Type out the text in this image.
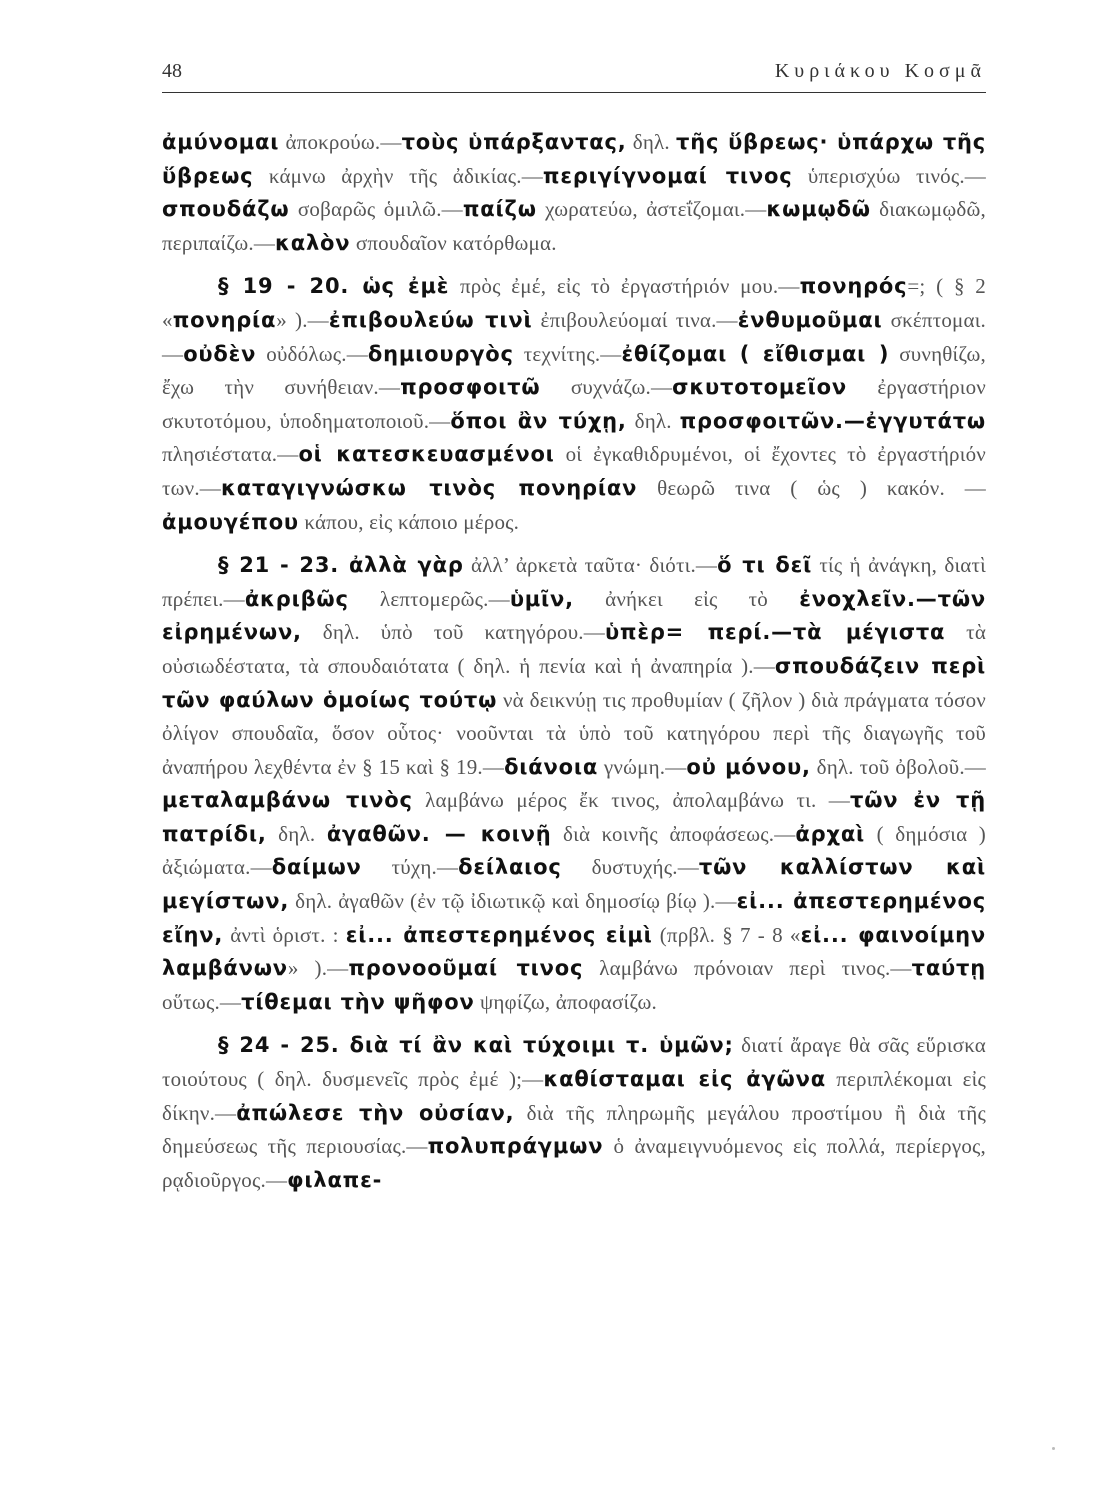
48	Κυριάκου Κοσμᾶ

ἀμύνομαι ἀποκρούω.—τοὺς ὑπάρξαντας, δηλ. τῆς ὕβρεως· ὑπάρχω τῆς ὕβρεως κάμνω ἀρχὴν τῆς ἀδικίας.—περιγίγνομαί τινος ὑπερισχύω τινός.—σπουδάζω σοβαρῶς ὁμιλῶ.—παίζω χωρατεύω, ἀστεΐζομαι.—κωμῳδῶ διακωμῳδῶ, περιπαίζω.—καλὸν σπουδαῖον κατόρθωμα.

§ 19 - 20. ὡς ἐμὲ πρὸς ἐμέ, εἰς τὸ ἐργαστήριόν μου.—πονηρός=; ( § 2 «πονηρία» ).—ἐπιβουλεύω τινὶ ἐπιβουλεύομαί τινα.—ἐνθυμοῦμαι σκέπτομαι.—οὐδὲν οὐδόλως.—δημιουργὸς τεχνίτης.—ἐθίζομαι ( εἴθισμαι ) συνηθίζω, ἔχω τὴν συνήθειαν.—προσφοιτῶ συχνάζω.—σκυτοτομεῖον ἐργαστήριον σκυτοτόμου, ὑποδηματοποιοῦ.—ὅποι ἂν τύχῃ, δηλ. προσφοιτῶν.—ἐγγυτάτω πλησιέστατα.—οἱ κατεσκευασμένοι οἱ ἐγκαθιδρυμένοι, οἱ ἔχοντες τὸ ἐργαστήριόν των.—καταγιγνώσκω τινὸς πονηρίαν θεωρῶ τινα ( ὡς ) κακόν. —ἀμουγέπου κάπου, εἰς κάποιο μέρος.

§ 21 - 23. ἀλλὰ γὰρ ἀλλ’ ἀρκετὰ ταῦτα· διότι.—ὅ τι δεῖ τίς ἡ ἀνάγκη, διατὶ πρέπει.—ἀκριβῶς λεπτομερῶς.—ὑμῖν, ἀνήκει εἰς τὸ ἐνοχλεῖν.—τῶν εἰρημένων, δηλ. ὑπὸ τοῦ κατηγόρου.—ὑπὲρ= περί.—τὰ μέγιστα τὰ οὐσιωδέστατα, τὰ σπουδαιότατα ( δηλ. ἡ πενία καὶ ἡ ἀναπηρία ).—σπουδάζειν περὶ τῶν φαύλων ὁμοίως τούτῳ νὰ δεικνύῃ τις προθυμίαν ( ζῆλον ) διὰ πράγματα τόσον ὀλίγον σπουδαῖα, ὅσον οὗτος· νοοῦνται τὰ ὑπὸ τοῦ κατηγόρου περὶ τῆς διαγωγῆς τοῦ ἀναπήρου λεχθέντα ἐν § 15 καὶ § 19.—διάνοια γνώμη.—οὐ μόνου, δηλ. τοῦ ὀβολοῦ.—μεταλαμβάνω τινὸς λαμβάνω μέρος ἔκ τινος, ἀπολαμβάνω τι. —τῶν ἐν τῇ πατρίδι, δηλ. ἀγαθῶν. — κοινῇ διὰ κοινῆς ἀποφάσεως.—ἀρχαὶ ( δημόσια ) ἀξιώματα.—δαίμων τύχη.—δείλαιος δυστυχής.—τῶν καλλίστων καὶ μεγίστων, δηλ. ἀγαθῶν (ἐν τῷ ἰδιωτικῷ καὶ δημοσίῳ βίῳ ).—εἰ... ἀπεστερημένος εἴην, ἀντὶ ὁριστ. : εἰ... ἀπεστερημένος εἰμὶ (πρβλ. § 7 - 8 «εἰ... φαινοίμην λαμβάνων» ).—προνοοῦμαί τινος λαμβάνω πρόνοιαν περὶ τινος.—ταύτῃ οὕτως.—τίθεμαι τὴν ψῆφον ψηφίζω, ἀποφασίζω.

§ 24 - 25. διὰ τί ἂν καὶ τύχοιμι τ. ὑμῶν; διατί ἄραγε θὰ σᾶς εὕρισκα τοιούτους ( δηλ. δυσμενεῖς πρὸς ἐμέ );—καθίσταμαι εἰς ἀγῶνα περιπλέκομαι εἰς δίκην.—ἀπώλεσε τὴν οὐσίαν, διὰ τῆς πληρωμῆς μεγάλου προστίμου ἢ διὰ τῆς δημεύσεως τῆς περιουσίας.—πολυπράγμων ὁ ἀναμειγνυόμενος εἰς πολλά, περίεργος, ρᾳδιοῦργος.—φιλαπε-
